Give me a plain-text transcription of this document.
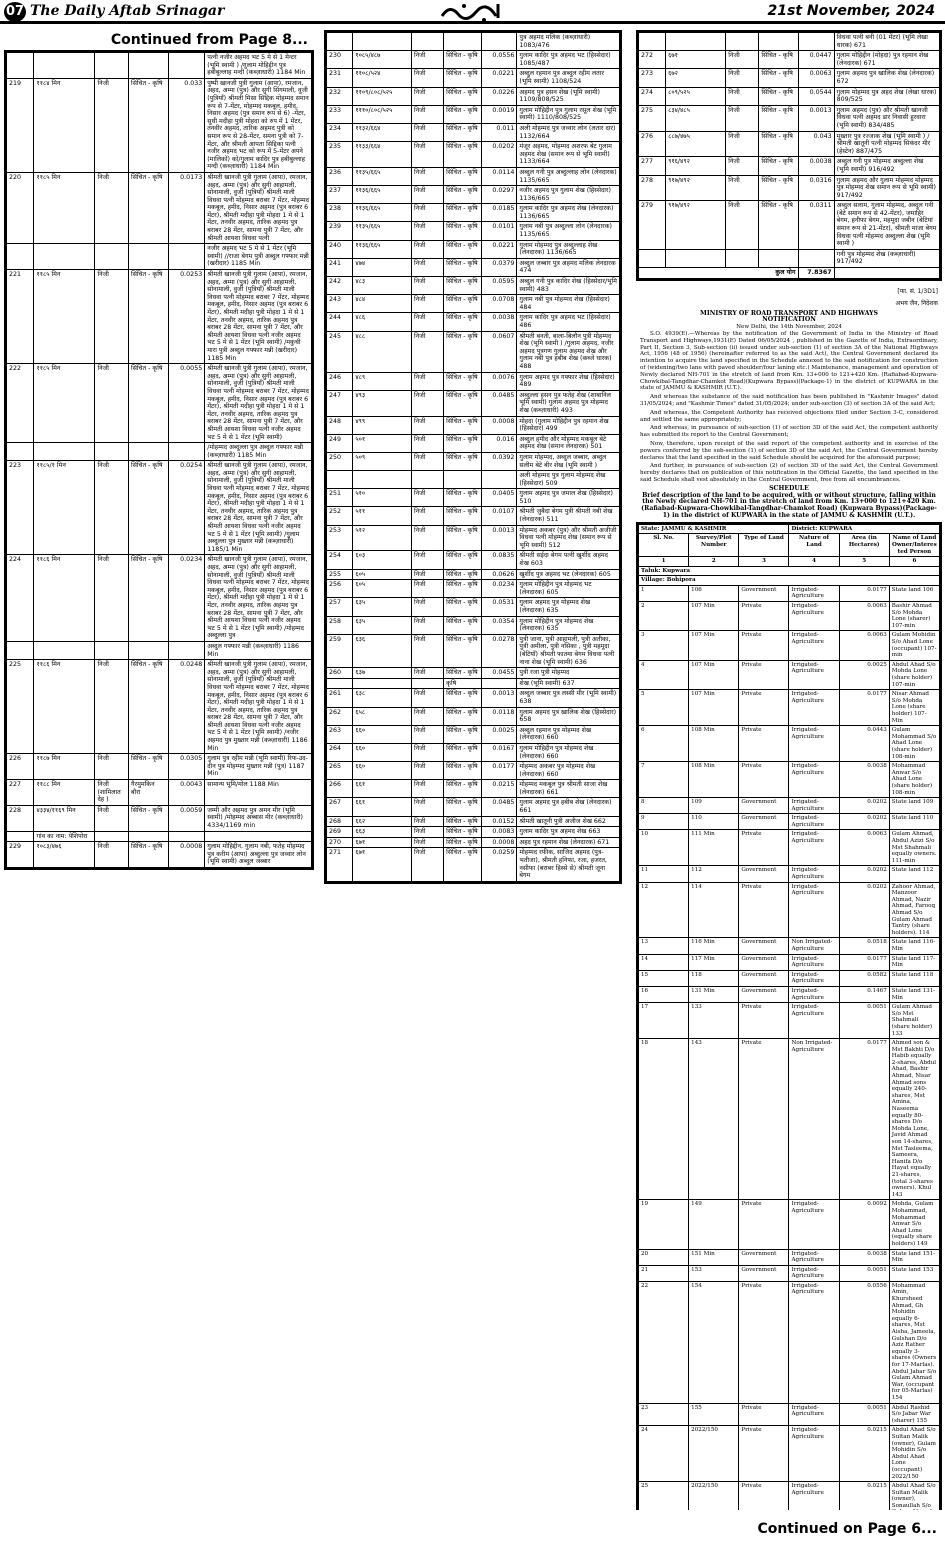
07 The Daily Aftab Srinagar	21st November, 2024
Continued from Page 8...
					पत्नी नजीर अहमद भट 5 मे से 1 मेन्टर (भूमि स्वामी ) /ग़ुलाम मोहिद्दीन पुत्र हबीबुल्लाह मन्दी (कब्ज़ाधारी) 1184 Min
219	११८४ मिन	निजी	सिंचित - कृषि	0.033	पुष्पी खानजी पुत्री गुलाम (आपा), रमजान, अहद, अम्मा (पुत्र) और सुगी सिंगमाली, वुजी (पुत्रियाँ) श्रीमती मिसा सिद्दिक मोहम्मद समान रूप से 7-मेंटर, मोहम्मद मकबूल, हमीद, निसार अहमद (पुत्र समान रूप से 6) -मेंटर, सुधी मदीहा पुत्री मोहदा को रुप में 1 मेंटर, तनवीर अहमद, तारिक अहमद पुत्री को समान रूप से 28-मेंटर, समना पुत्री को 7-मेंटर, और श्रीमती आपता सिद्दिका पत्नी नजीर अहमद भट को रूप में 5-मेंटर अपने (मालिकों) को/गुलाम कादिर पुत्र हबीबुल्लाह मन्दी (कब्ज़ाधारी) 1184 Min
220	११८५ मिन	निजी	सिंचित - कृषि	0.0173	श्रीमती खानजी पुत्री गुलाम (आपा), रमजान, अहद, अम्मा (पुत्र) और सुगी आहामली, सोनामाली, वुजी (पुत्रियाँ) श्रीमती माली विधवा पत्नी मोहम्मद बराबर 7 मेंटर, मोहम्मद मकबूल, हमीद, निसार अहमद (पुत्र बराबर 6 मेंटर), श्रीमती मदीहा पुत्री मोहदा 1 मे से 1 मेंटर, तनवीर अहमद, तारिक अहमद पुत्र बराबर 28 मेंटर, सामना पुत्री 7 मेंटर, और श्रीमती आयशा विधवा पत्नी
					नजीर अहमद भट 5 मे से 1 मेंटर (भूमि स्वामी) //राजा बेगम पुत्री अब्दुल गफ्फार मन्नी (खरीदार) 1185 Min
221	११८५ मिन	निजी	सिंचित - कृषि	0.0253	श्रीमती खानजी पुत्री गुलाम (आपा), रमजान, अहद, अम्मा (पुत्र) और सुगी आहामली, सोनामाली, वुजी (पुत्रियाँ) श्रीमती माली विधवा पत्नी मोहम्मद बराबर 7 मेंटर, मोहम्मद मकबूल, हमीद, निसार अहमद (पुत्र बराबर 6 मेंटर), श्रीमती मदीहा पुत्री मोहदा 1 मे से 1 मेंटर, तनवीर अहमद, तारिक अहमद पुत्र बराबर 28 मेंटर, सामना पुत्री 7 मेंटर, और श्रीमती आयशा विधवा पत्नी नजीर अहमद भट 5 मे से 1 मेंटर (भूमि स्वामी) /मकुची मारा पुत्री अब्दुल गफ्फार मन्नी (खरीदार) 1185 Min
222	११८५ मिन	निजी	सिंचित - कृषि	0.0055	श्रीमती खानजी पुत्री गुलाम (आपा), रमजान, अहद, अम्मा (पुत्र) और सुगी आहामली, सोनामाली, वुजी (पुत्रियाँ) श्रीमती माली विधवा पत्नी मोहम्मद बराबर 7 मेंटर, मोहम्मद मकबूल, हमीद, निसार अहमद (पुत्र बराबर 6 मेंटर), श्रीमती मदीहा पुत्री मोहदा 1 मे से 1 मेंटर, तनवीर अहमद, तारिक अहमद पुत्र बराबर 28 मेंटर, सामना पुत्री 7 मेंटर, और श्रीमती आयशा विधवा पत्नी नजीर अहमद भट 5 मे से 1 मेंटर (भूमि स्वामी)
					/मोहम्मद अब्दुल्ला पुत्र अब्दुल गफ्फार मन्नी (कब्ज़ाधारी) 1185 Min
223	११८५/१ मिन	निजी	सिंचित - कृषि	0.0254	श्रीमती खानजी पुत्री गुलाम (आपा), रमजान, अहद, अम्मा (पुत्र) और सुगी आहामली, सोनामाली, वुजी (पुत्रियाँ) श्रीमती माली विधवा पत्नी मोहम्मद बराबर 7 मेंटर, मोहम्मद मकबूल, हमीद, निसार अहमद (पुत्र बराबर 6 मेंटर), श्रीमती मदीहा पुत्री मोहदा 1 मे से 1 मेंटर, तनवीर अहमद, तारिक अहमद पुत्र बराबर 28 मेंटर, सामना पुत्री 7 मेंटर, और श्रीमती आयशा विधवा पत्नी नजीर अहमद भट 5 मे से 1 मेंटर (भूमि स्वामी) /गुलाम अब्दुल्ला पुत्र मुख्तार मन्नी (कब्ज़ाधारी) 1185/1 Min
224	११८६ मिन	निजी	सिंचित - कृषि	0.0234	श्रीमती खानजी पुत्री गुलाम (आपा), रमजान, अहद, अम्मा (पुत्र) और सुगी आहामली, सोनामाली, वुजी (पुत्रियाँ) श्रीमती माली विधवा पत्नी मोहम्मद बराबर 7 मेंटर, मोहम्मद मकबूल, हमीद, निसार अहमद (पुत्र बराबर 6 मेंटर), श्रीमती मदीहा पुत्री मोहदा 1 मे से 1 मेंटर, तनवीर अहमद, तारिक अहमद पुत्र बराबर 28 मेंटर, सामना पुत्री 7 मेंटर, और श्रीमती आयशा विधवा पत्नी नजीर अहमद भट 5 मे से 1 मेंटर (भूमि स्वामी) /मोहम्मद अब्दुल्ला पुत्र
					अब्दुल गफ्फार मन्नी (कब्ज़ाधारी) 1186 Min
225	११८६ मिन	निजी	सिंचित - कृषि	0.0248	श्रीमती खानजी पुत्री गुलाम (आपा), रमजान, अहद, अम्मा (पुत्र) और सुगी आहामली, सोनामाली, वुजी (पुत्रियाँ) श्रीमती माली विधवा पत्नी मोहम्मद बराबर 7 मेंटर, मोहम्मद मकबूल, हमीद, निसार अहमद (पुत्र बराबर 6 मेंटर), श्रीमती मदीहा पुत्री मोहदा 1 मे से 1 मेंटर, तनवीर अहमद, तारिक अहमद पुत्र बराबर 28 मेंटर, सामना पुत्री 7 मेंटर, और श्रीमती आयशा विधवा पत्नी नजीर अहमद भट 5 मे से 1 मेंटर (भूमि स्वामी) /नजीर अहमद पुत्र मुख्तार मन्नी (कब्ज़ाधारी) 1186 Min
226	११८७ मिन	निजी	सिंचित - कृषि	0.0305	गुलाम पुत्र रहीम मन्नी (भूमि स्वामी) रिफ-उद-दीन पुत्र मोहम्मद मुख्तार मन्नी (पुत्र) 1187 Min
227	११८८ मिन	निजी (शामिलात देह )	गैरमुमकिन बौरा	0.0043	सामान्य भूमि/मोल 1188 Min
228	४३३४/११६९ मिन	निजी	सिंचित - कृषि	0.0059	जम्मी और अहमद पुत्र अमन मीर (भूमि स्वामी) /मोहम्मद अब्बास मीर (कब्ज़ाधारी) 4334/1169 min
	गांव का नाम: पेशिपोरा				
229	१०८३/४७६	निजी	सिंचित - कृषि	0.0008	गुलाम मोहिद्दीन, गुलाम नबी, फतेह मोहम्मद पुत्र करीम (आपा) अब्दुल्ला पुत्र जव्वार लोन (भूमि स्वामी) अब्दुल जब्बार
					पुत्र अहमद मलिक (कब्ज़ाधारी) 1083/476
230	१०८५/४८७	निजी	सिंचित - कृषि	0.0556	गुलाम कादिर पुत्र अहमद भट (हिस्सेदार) 1085/487
231	११०८/५२४	निजी	सिंचित - कृषि	0.0221	अब्दुल रहमान पुत्र अब्दुल रहीम लतार (भूमि स्वामी) 1108/524
232	११०९/८०८/५२५	निजी	सिंचित - कृषि	0.0226	अहमद पुत्र हसन शेख (भूमि स्वामी) 1109/808/525
233	१११०/८०८/५२५	निजी	सिंचित - कृषि	0.0019	गुलाम मोहिद्दीन पुत्र गुलाम रसूल शेख (भूमि स्वामी) 1110/808/525
234	११३२/६६४	निजी	सिंचित - कृषि	0.011	अली मोहम्मद पुत्र जव्वार लोन (लतार दार) 1132/664
235	११३३/६६४	निजी	सिंचित - कृषि	0.0202	मंजूर अहमद, मोहम्मद अशरफ बेट गुलाम अहमद शेख (समान रूप से भूमि स्वामी) 1133/664
236	११३५/६६५	निजी	सिंचित - कृषि	0.0114	अब्दुल गनी पुत्र अब्दुल्लाह लोन (लेनदारक) 1135/665
237	११३६/६६५	निजी	सिंचित - कृषि	0.0297	नजीर अहमद पुत्र गुलाम शेख (हिस्सेदार) 1136/665
238	११३६/६६५	निजी	सिंचित - कृषि	0.0185	गुलाम कादिर पुत्र अहमद शेख (लेनदारक) 1136/665
239	११३५/६६५	निजी	सिंचित - कृषि	0.0101	गुलाम नबी पुत्र अब्दुल्ला लोन (लेनदारक) 1135/665
240	११३६/६६५	निजी	सिंचित - कृषि	0.0221	गुलाम मोहम्मद पुत्र अब्दुल्लाह शेख (लेनदारक) 1136/665
241	४७४	निजी	सिंचित - कृषि	0.0379	अब्दुल जब्बार पुत्र अहमद मलिक लेनदारक 474
242	४८३	निजी	सिंचित - कृषि	0.0595	अब्दुल गनी पुत्र कादिर शेख (हिस्सेदार/भूमि स्वामी) 483
243	४८४	निजी	सिंचित - कृषि	0.0708	गुलाम नबी पुत्र मोहम्मद शेख (हिस्सेदार) 484
244	४८६	निजी	सिंचित - कृषि	0.0038	गुलाम कादिर पुत्र अहमद भट (हिस्सेदार) 486
245	४८८	निजी	सिंचित - कृषि	0.0607	श्रीमती बनती, बाला-बिलौन पुत्री मोहम्मद शेख (भूमि स्वामी ) /गुलाम अहमद, नजीर अहमद पुत्रगण गुलाम अहमद शेख और गुलाम नबी पुत्र हबीब शेख (कब्जे धारक) 488
246	४८९	निजी	सिंचित - कृषि	0.0076	गुलाम अहमद पुत्र गफ्फार शेख (हिस्सेदार) 489
247	४९३	निजी	सिंचित - कृषि	0.0485	अब्दुल्ला हसन पुत्र फतेह शेख (शाबानिल भूमि स्वामी) गुलाम अहमद पुत्र मोहम्मद शेख (कब्ज़ाधारी) 493
248	४९९	निजी	सिंचित - कृषि	0.0008	मोहदा (गुलाम मोहिद्दीन पुत्र रहमान शेख (हिस्सेदार) 499
249	५०१	निजी	सिंचित - कृषि	0.016	अब्दुल हमीद और मोहम्मद मकबूल बेटे अहमद शेख (समान लेनदारक) 501
250	५०९	निजी	सिंचित - कृषि	0.0392	गुलाम मोहम्मद, अब्दुल जब्बार, अब्दुल सलीम बेटे बीर शेख (भूमि स्वामी )
					अली मोहम्मद पुत्र गुलाम मोहम्मद शेख (हिस्सेदार) 509
251	५१०	निजी	सिंचित - कृषि	0.0405	गुलाम अहमद पुत्र जमाल शेख (हिस्सेदार) 510
252	५११	निजी	सिंचित - कृषि	0.0107	श्रीमती जुबैदा बेगम पुत्री श्रीमती नबी शेख (लेनदारक) 511
253	५१२	निजी	सिंचित - कृषि	0.0013	मोहम्मद अकबर (पुत्र) और श्रीमती अजीजी विधवा पत्नी मोहम्मद शेख (समान रूप से भूमि स्वामी) 512
254	६०३	निजी	सिंचित - कृषि	0.0835	श्रीमती सईदा बेगम पत्नी खुर्शीद अहमद शेख 603
255	६०५	निजी	सिंचित - कृषि	0.0626	खुर्शीद पुत्र अहमद भट (लेनदारक) 605
256	६०५	निजी	सिंचित - कृषि	0.0234	गुलाम मोहिद्दीन पुत्र मोहम्मद भट (लेनदारक) 605
257	६३५	निजी	सिंचित - कृषि	0.0531	गुलाम अहमद पुत्र मोहम्मद शेख (लेनदारक) 635
258	६३५	निजी	सिंचित - कृषि	0.0354	गुलाम मोहिद्दीन पुत्र मोहम्मद शेख (लेनदारक) 635
259	६३६	निजी	सिंचित - कृषि	0.0278	पुत्री जाना, पुत्री आहामली, पुत्री अतीका, पुत्री अमीला, पुत्री नसिका , पुत्री महमूदा (बेटियाँ) श्रीमती फातमा बेगम विधवा पत्नी नाना शेख (भूमि स्वामी) 636
260	६३७	निजी	सिंचित - कृषि	0.0455	पुत्री रजा पुत्री मोहम्मद
			कृषि		शेख (भूमि स्वामी) 637
261	६३८	निजी	सिंचित - कृषि	0.0013	अब्दुल जब्बार पुत्र लस्सी मीर (भूमि स्वामी) 638
262	६५८	निजी	सिंचित - कृषि	0.0118	गुलाम अहमद पुत्र खालिक शेख (हिस्सेदार) 658
263	६६०	निजी	सिंचित - कृषि	0.0025	अब्दुल रहमान पुत्र मोहम्मद शेख (लेनदारक) 660
264	६६०	निजी	सिंचित - कृषि	0.0167	गुलाम मोहिद्दीन पुत्र मोहम्मद शेख (लेनदारक) 660
265	६६०	निजी	सिंचित - कृषि	0.0177	मोहम्मद अकबर पुत्र मोहम्मद शेख (लेनदारक) 660
266	६६१	निजी	सिंचित - कृषि	0.0215	मोहम्मद मकबूल पुत्र श्रीमती साजा शेख (लेनदारक) 661
267	६६१	निजी	सिंचित - कृषि	0.0485	गुलाम अहमद पुत्र हबीब शेख (लेनदारक) 661
268	६६२	निजी	सिंचित - कृषि	0.0152	श्रीमती खातूनी पुत्री अजीज शेख 662
269	६६३	निजी	सिंचित - कृषि	0.0083	गुलाम कादिर पुत्र अहमद शेख 663
270	६७१	निजी	सिंचित - कृषि	0.0008	अहद पुत्र रहमान शेख (लेनदारक) 671
271	६७१	निजी	सिंचित - कृषि	0.0259	मोहम्मद रफीक, साजिद अहमद (पुत्र-भतीजा), श्रीमती हनिफा, रजा, हजरत, नसीफा (बराबर हिस्से से) श्रीमती जूना बेगम
					विधवा पत्नी बनी (01 मेंटर) (भूमि लेखा धारक) 671
272	६७१	निजी	सिंचित - कृषि	0.0447	गुलाम मोहिद्दीन (मोहदा) पुत्र रहमान शेख (लेनदारक) 671
273	६७२	निजी	सिंचित - कृषि	0.0063	गुलाम अहमद पुत्र खालिक शेख (लेनदारक) 672
274	८०९/५२५	निजी	सिंचित - कृषि	0.0544	गुलाम मोहम्मद पुत्र अहद शेख (लेखा धारक) 809/525
275	८३४/४८५	निजी	सिंचित - कृषि	0.0013	गुलाम अहमद (पुत्र) और श्रीमती खानजी विधवा पत्नी अहमद डार निवासी हुरवारा (भूमि स्वामी) 834/485
276	८८७/४७५	निजी	सिंचित - कृषि	0.043	मुख्तार पुत्र रज्जाक शेख (भूमि स्वामी ) /श्रीमती खातूनी पत्नी मोहम्मद सिकंदर मीर (हेस्टेन) 887/475
277	९१६/४९२	निजी	सिंचित - कृषि	0.0038	अब्दुल गनी पुत्र मोहम्मद अब्दुल्ला शेख (भूमि स्वामी) 916/492
278	९१७/४९२	निजी	सिंचित - कृषि	0.0316	गुलाम अहमद और गुलाम मोहम्मद मोहम्मद पुत्र मोहम्मद शेख समान रूप से भूमि स्वामी) 917/492
279	९१७/४९२	निजी	सिंचित - कृषि	0.0311	अब्दुल सलाम, गुलाम मोहम्मद, अब्दुल गनी (बेटे समान रूप से 42-मेंटर), जमाहिर बेगम, हनीफा बेगम, महमूदा जबीन (बेटियां समान रूप से 21-मेंटर), श्रीमती माजा बेगम विधवा पत्नी मोहम्मद अब्दुल्ला शेख (भूमि स्वामी )
					गनी पुत्र मोहम्मद शेख (कब्ज़ाधारी) 917/492
कुल योग				7.8367	
[फा. सं. 1/3D1]
अभय जैन, निदेशक
MINISTRY OF ROAD TRANSPORT AND HIGHWAYS
NOTIFICATION
New Delhi, the 14th November, 2024

S.O. 4939(E).—Whereas by the notification of the Government of India in the Ministry of Road Transport and Highways,1931(E) Dated 06/05/2024 , published in the Gazette of India, Extraordinary, Part II, Section 3, Sub-section (ii) issued under sub-section (1) of section 3A of the National Highways Act, 1956 (48 of 1956) (hereinafter referred to as the said Act), the Central Government declared its intention to acquire the land specified in the Schedule annexed to the said notification for construction of (widening/two lane with paved shoulder/four laning etc.) Maintenance, management and operation of Newly declared NH-701 in the stretch of land from Km. 13+000 to 121+420 Km. (Rafiabad-Kupwara-Chowkibal-Tangdhar-Chamkot Road)(Kupwara Bypass)(Package-1) in the district of KUPWARA in the state of JAMMU & KASHMIR (U.T.).

And whereas the substance of the said notification has been published in "Kashmir Images" dated 31/05/2024; and "Kashmir Times" dated 31/05/2024; under sub-section (3) of section 3A of the said Act;

And whereas, the Competent Authority has received objections filed under Section 3-C, considered and settled the same appropriately;

And whereas, in pursuance of sub-section (1) of section 3D of the said Act, the competent authority has submitted its report to the Central Government;

Now, therefore, upon receipt of the said report of the competent authority and in exercise of the powers conferred by the sub-section (1) of section 3D of the said Act, the Central Government hereby declares that the land specified in the said Schedule should be acquired for the aforesaid purpose;

And further, in pursuance of sub-section (2) of section 3D of the said Act, the Central Government hereby declares that on publication of this notification in the Official Gazette, the land specified in the said Schedule shall vest absolutely in the Central Government, free from all encumbrances.

SCHEDULE
Brief description of the land to be acquired, with or without structure, falling within the Newly declared NH-701 in the stretch of land from Km. 13+000 to 121+420 Km.(Rafiabad-Kupwara-Chowkibal-Tangdhar-Chamkot Road) (Kupwara Bypass)(Package-1) in the district of KUPWARA in the state of JAMMU & KASHMIR (U.T.).
State: JAMMU & KASHMIR			District: KUPWARA		
Sl. No.	Survey/Plot Number	Type of Land	Nature of Land	Area (in Hectares)	Name of Land Owner/Interested Person
1	2	3	4	5	6
Taluk: Kupwara					
Village: Bohipora					
1	106	Government	Irrigated-Agriculture	0.0177	State land 106
2	107 Min	Private	Irrigated-Agriculture	0.0063	Bashir Ahmad S/o Mohda Lone (sharer) 107-min
3	107 Min	Private	Irrigated-Agriculture	0.0063	Gulam Mohidin S/o Ahad Lone (occupant) 107-min
4	107 Min	Private	Irrigated-Agriculture	0.0025	Abdul Ahad S/o Mohda Lone (share holder) 107-min
5	107 Min	Private	Irrigated-Agriculture	0.0177	Nisar Ahmad S/o Mohda Lone (share holder) 107-Min
6	108 Min	Private	Irrigated-Agriculture	0.0443	Gulam Mohammad S/o Ahad Lone (share holder) 108-min
7	108 Min	Private	Irrigated-Agriculture	0.0038	Mohammad Anwar S/o Ahad Lone (share holder) 108-min
8	109	Government	Irrigated-Agriculture	0.0202	State land 109
9	110	Government	Irrigated-Agriculture	0.0202	State land 110
10	111 Min	Private	Irrigated-Agriculture	0.0063	Gulam Ahmad, Abdul Azizi S/o Mst Shahmali equally owners. 111-min
11	112	Government	Irrigated-Agriculture	0.0202	State land 112
12	114	Private	Irrigated-Agriculture	0.0202	Zahoor Ahmad, Manzoor Ahmad, Nazir Ahmad, Farooq Ahmad S/o Gulam Ahmad Tantry (share holders). 114
13	116 Min	Government	Non Irrigated-Agriculture	0.0518	State land 116-Min
14	117 Min	Government	Irrigated-Agriculture	0.0177	State land 117-Min
15	118	Government	Irrigated-Agriculture	0.0582	State land 118
16	131 Min	Government	Irrigated-Agriculture	0.1467	State land 131-Min
17	133	Private	Irrigated-Agriculture	0.0051	Gulam Ahmad S/o Mst Shahmali (share holder) 133
18	143	Private	Non Irrigated-Agriculture	0.0177	Ahmed son & Mst Bakhti D/o Habib equally 2-shares, Abdul Ahad, Bashir Ahmad, Nisar Ahmad sons equally 240-shares, Mst Amina, Naseema equally 80-shares D/o Mohda Lone, Javid Ahmad son 14-shares, Mst Tasleema, Sameera, Hanifa D/o Hayat equally 21-shares, (total 3-shares owners). Khul 143
19	149	Private	Irrigated-Agriculture	0.0092	Mohda, Gulam Mohammad, Mohammad Anwar S/o Ahad Lone (equally share holders) 149
20	151 Min	Government	Irrigated-Agriculture	0.0038	State land 151-Min
21	153	Government	Irrigated-Agriculture	0.0051	State land 153
22	154	Private	Irrigated-Agriculture	0.0556	Mohammad Amin, Khursheed Ahmad, Gh Mohidin equally 6-shares, Mst Aisha, Jameela, Gulshan D/o Aziz Rather equally 3-shares (Owners for 17-Marlas). Abdul Jabar S/o Gulam Ahmad War, (occupant for 05-Marlas) 154
23	155	Private	Irrigated-Agriculture	0.0051	Abdul Rashid S/o Jabar War (sharer) 155
24	2022/150	Private	Irrigated-Agriculture	0.0215	Abdul Ahad S/o Sultan Malik (owner), Gulam Mohidin S/o Abdul Ahad Lone (occupant) 2022/150
25	2022/150	Private	Irrigated-Agriculture	0.0215	Abdul Ahad S/o Sultan Malik (owner), Sonaullah S/o

Continued on Page 6...
